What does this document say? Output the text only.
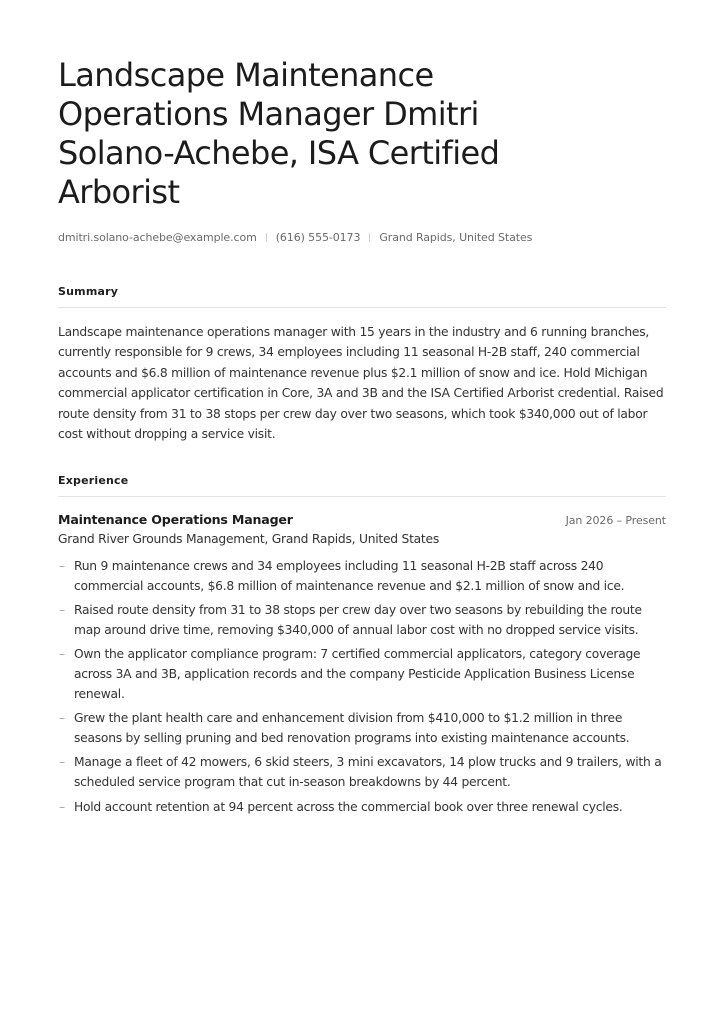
Landscape Maintenance Operations Manager Dmitri Solano-Achebe, ISA Certified Arborist
dmitri.solano-achebe@example.com (616) 555-0173 Grand Rapids, United States
Summary

Landscape maintenance operations manager with 15 years in the industry and 6 running branches, currently responsible for 9 crews, 34 employees including 11 seasonal H-2B staff, 240 commercial accounts and $6.8 million of maintenance revenue plus $2.1 million of snow and ice. Hold Michigan commercial applicator certification in Core, 3A and 3B and the ISA Certified Arborist credential. Raised route density from 31 to 38 stops per crew day over two seasons, which took $340,000 out of labor cost without dropping a service visit.

Experience
Maintenance Operations Manager	Jan 2026 – Present
Grand River Grounds Management, Grand Rapids, United States
– Run 9 maintenance crews and 34 employees including 11 seasonal H-2B staff across 240 commercial accounts, $6.8 million of maintenance revenue and $2.1 million of snow and ice.
– Raised route density from 31 to 38 stops per crew day over two seasons by rebuilding the route map around drive time, removing $340,000 of annual labor cost with no dropped service visits.
– Own the applicator compliance program: 7 certified commercial applicators, category coverage across 3A and 3B, application records and the company Pesticide Application Business License renewal.
– Grew the plant health care and enhancement division from $410,000 to $1.2 million in three seasons by selling pruning and bed renovation programs into existing maintenance accounts.
– Manage a fleet of 42 mowers, 6 skid steers, 3 mini excavators, 14 plow trucks and 9 trailers, with a scheduled service program that cut in-season breakdowns by 44 percent.
– Hold account retention at 94 percent across the commercial book over three renewal cycles.
